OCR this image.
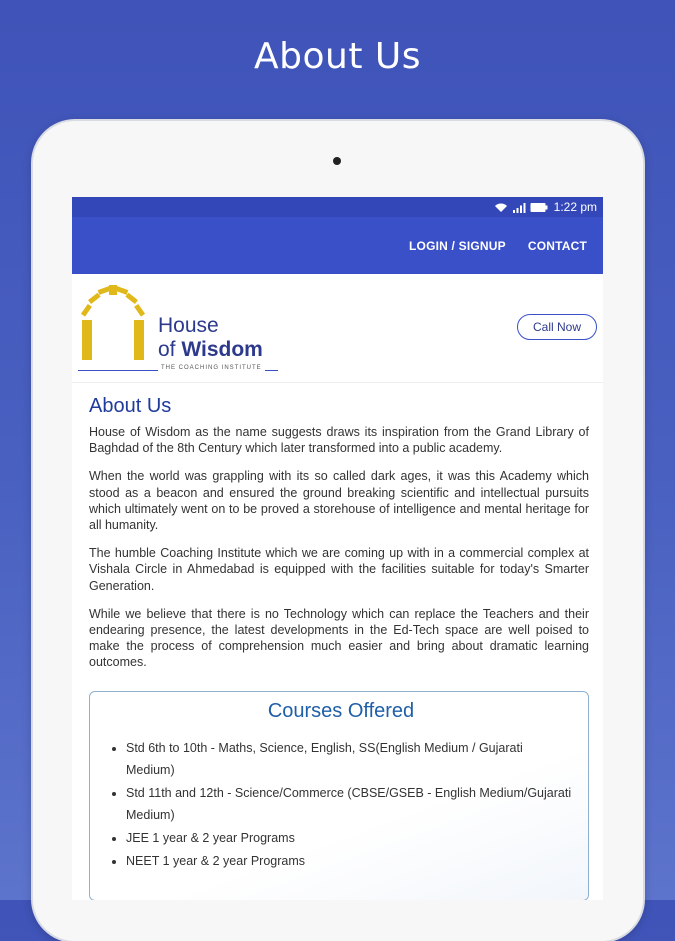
About Us
1:22 pm
LOGIN / SIGNUP CONTACT
House
of Wisdom
THE COACHING INSTITUTE
Call Now
About Us

House of Wisdom as the name suggests draws its inspiration from the Grand Library of Baghdad of the 8th Century which later transformed into a public academy.

When the world was grappling with its so called dark ages, it was this Academy which stood as a beacon and ensured the ground breaking scientific and intellectual pursuits which ultimately went on to be proved a storehouse of intelligence and mental heritage for all humanity.

The humble Coaching Institute which we are coming up with in a commercial complex at Vishala Circle in Ahmedabad is equipped with the facilities suitable for today's Smarter Generation.

While we believe that there is no Technology which can replace the Teachers and their endearing presence, the latest developments in the Ed-Tech space are well poised to make the process of comprehension much easier and bring about dramatic learning outcomes.

Courses Offered
• Std 6th to 10th - Maths, Science, English, SS(English Medium / Gujarati Medium)
• Std 11th and 12th - Science/Commerce (CBSE/GSEB - English Medium/Gujarati Medium)
• JEE 1 year & 2 year Programs
• NEET 1 year & 2 year Programs
